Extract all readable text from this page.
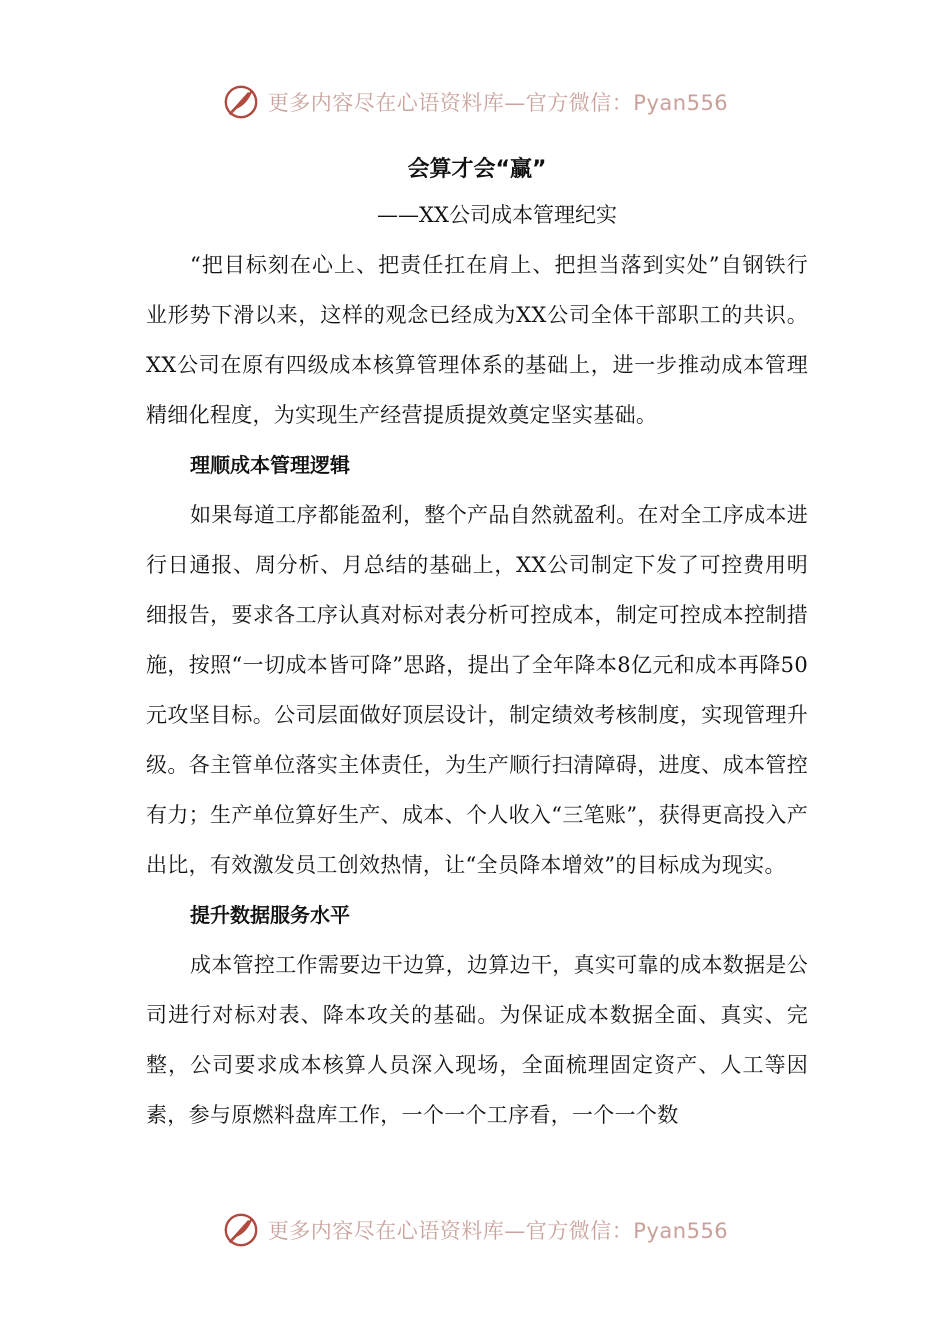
更多内容尽在心语资料库—官方微信：Pyan556
会算才会“赢”
——XX公司成本管理纪实

“把目标刻在心上、把责任扛在肩上、把担当落到实处”自钢铁行业形势下滑以来，这样的观念已经成为XX公司全体干部职工的共识。XX公司在原有四级成本核算管理体系的基础上，进一步推动成本管理精细化程度，为实现生产经营提质提效奠定坚实基础。

理顺成本管理逻辑

如果每道工序都能盈利，整个产品自然就盈利。在对全工序成本进行日通报、周分析、月总结的基础上，XX公司制定下发了可控费用明细报告，要求各工序认真对标对表分析可控成本，制定可控成本控制措施，按照“一切成本皆可降”思路，提出了全年降本8亿元和成本再降50元攻坚目标。公司层面做好顶层设计，制定绩效考核制度，实现管理升级。各主管单位落实主体责任，为生产顺行扫清障碍，进度、成本管控有力；生产单位算好生产、成本、个人收入“三笔账”，获得更高投入产出比，有效激发员工创效热情，让“全员降本增效”的目标成为现实。

提升数据服务水平

成本管控工作需要边干边算，边算边干，真实可靠的成本数据是公司进行对标对表、降本攻关的基础。为保证成本数据全面、真实、完整，公司要求成本核算人员深入现场，全面梳理固定资产、人工等因素，参与原燃料盘库工作，一个一个工序看，一个一个数

更多内容尽在心语资料库—官方微信：Pyan556
